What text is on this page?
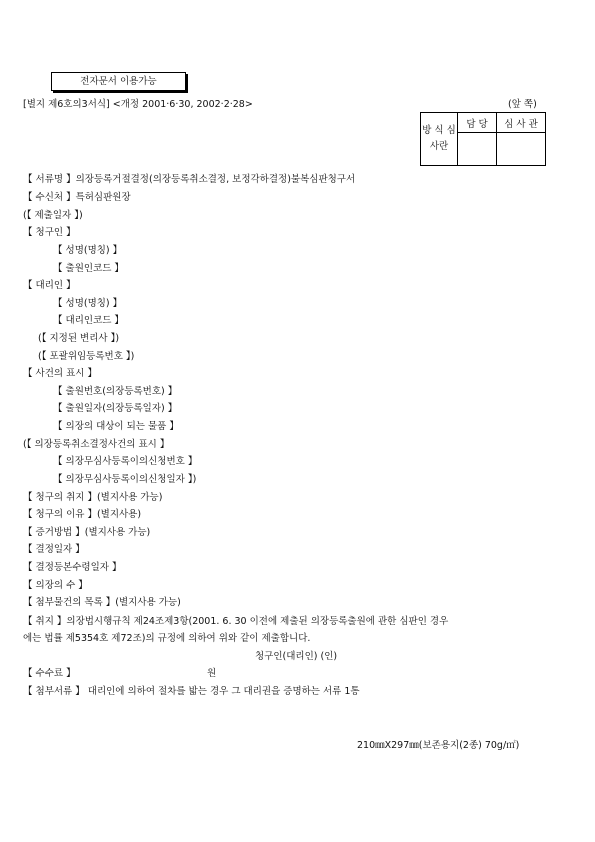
전자문서 이용가능
[별지 제6호의3서식] <개정 2001·6·30, 2002·2·28>	(앞 쪽)
방 식 심사란	담 당	심 사 관

【 서류명 】의장등록거절결정(의장등록취소결정, 보정각하결정)불복심판청구서
【 수신처 】특허심판원장
(【 제출일자 】)
【 청구인 】
【 성명(명칭) 】
【 출원인코드 】
【 대리인 】
【 성명(명칭) 】
【 대리인코드 】
(【 지정된 변리사 】)
(【 포괄위임등록번호 】)
【 사건의 표시 】
【 출원번호(의장등록번호) 】
【 출원일자(의장등록일자) 】
【 의장의 대상이 되는 물품 】
(【 의장등록취소결정사건의 표시 】
【 의장무심사등록이의신청번호 】
【 의장무심사등록이의신청일자 】)
【 청구의 취지 】(별지사용 가능)
【 청구의 이유 】(별지사용)
【 증거방법 】(별지사용 가능)
【 결정일자 】
【 결정등본수령일자 】
【 의장의 수 】
【 첨부물건의 목록 】(별지사용 가능)
【 취지 】의장법시행규칙 제24조제3항(2001. 6. 30 이전에 제출된 의장등록출원에 관한 심판인 경우
에는 법률 제5354호 제72조)의 규정에 의하여 위와 같이 제출합니다.
청구인(대리인) (인)
【 수수료 】	원
【 첨부서류 】 대리인에 의하여 절차를 밟는 경우 그 대리권을 증명하는 서류 1통
210㎜X297㎜(보존용지(2종) 70g/㎡)
